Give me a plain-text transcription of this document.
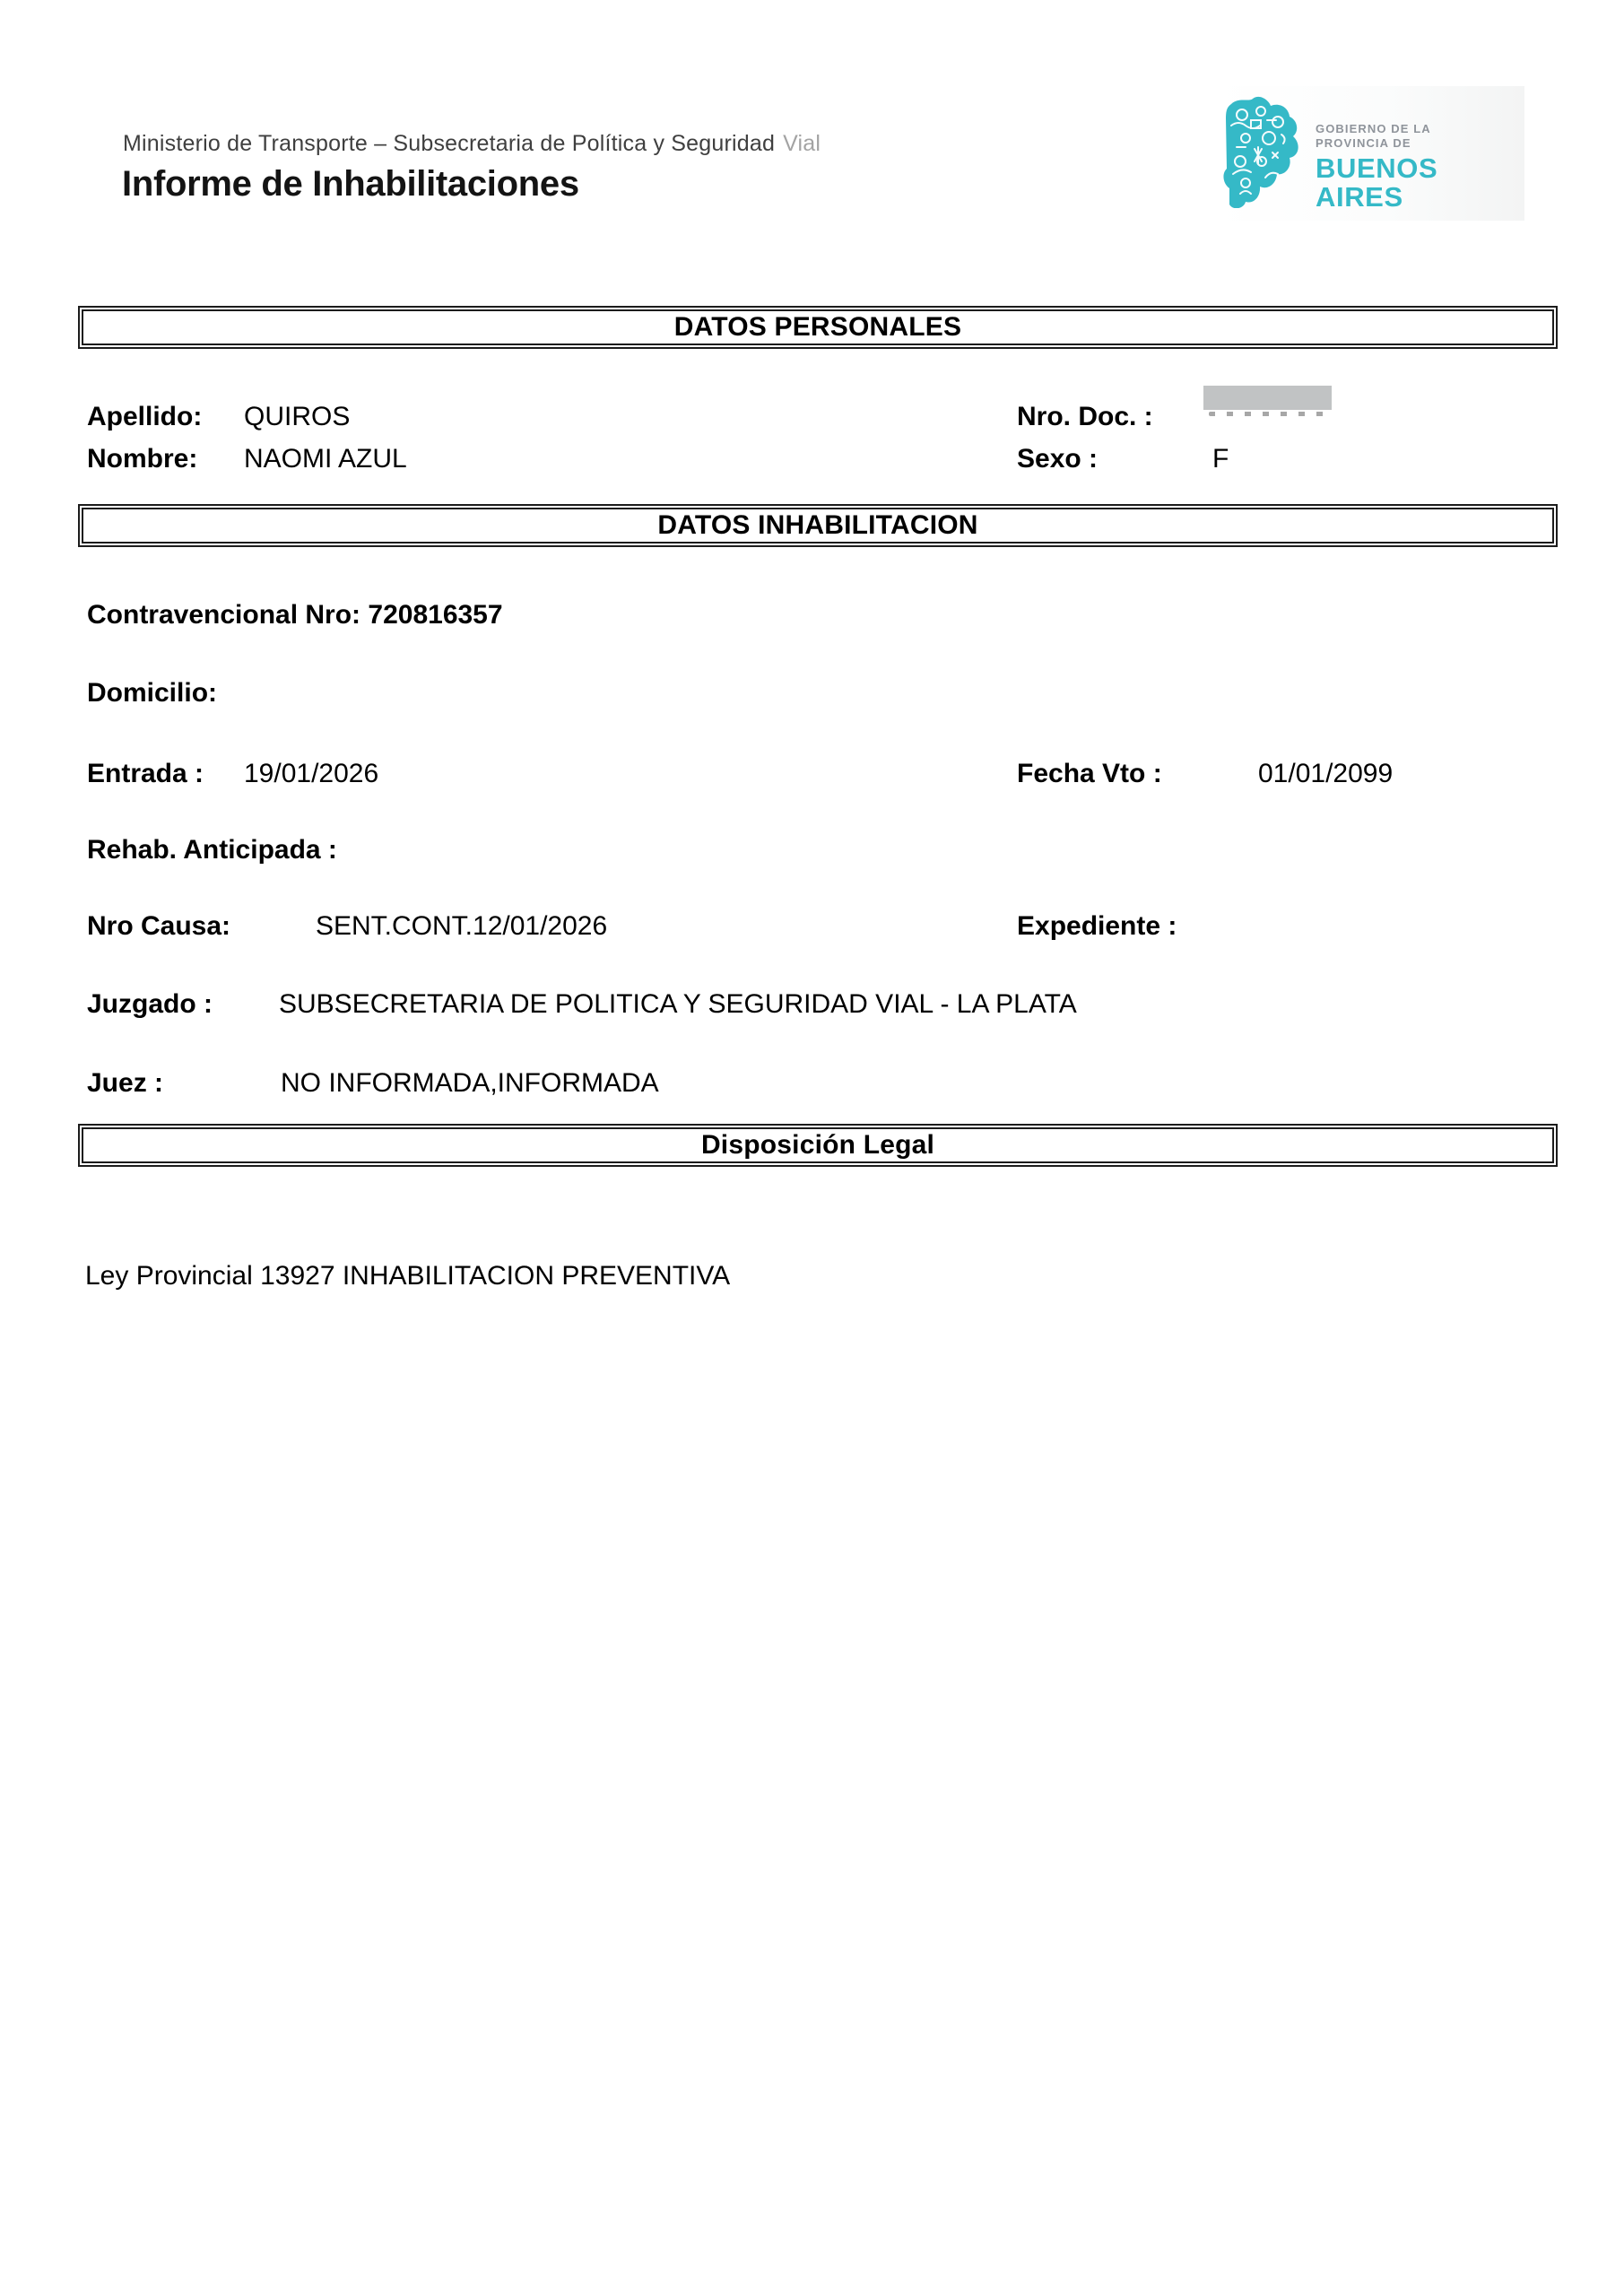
Ministerio de Transporte – Subsecretaria de Política y Seguridad Vial
Informe de Inhabilitaciones
GOBIERNO DE LA
PROVINCIA DE
BUENOS
AIRES
DATOS PERSONALES
Apellido: QUIROS
Nombre: NAOMI AZUL
Nro. Doc. :
Sexo :	F
DATOS INHABILITACION
Contravencional Nro: 720816357
Domicilio:
Entrada : 19/01/2026	Fecha Vto :	01/01/2099
Rehab. Anticipada :
Nro Causa:	SENT.CONT.12/01/2026	Expediente :
Juzgado : SUBSECRETARIA DE POLITICA Y SEGURIDAD VIAL - LA PLATA
Juez :	NO INFORMADA,INFORMADA
Disposición Legal
Ley Provincial 13927 INHABILITACION PREVENTIVA
